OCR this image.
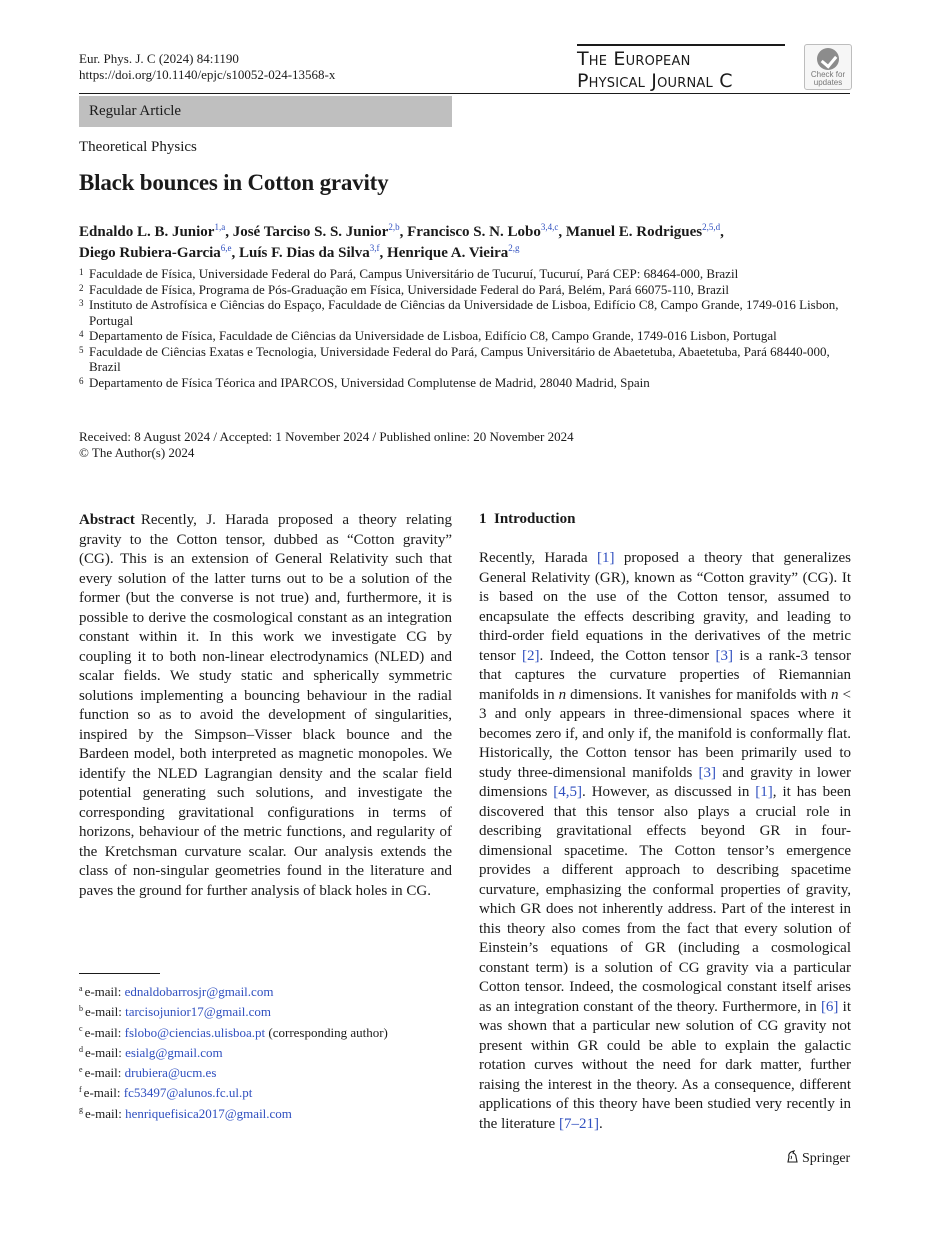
Eur. Phys. J. C (2024) 84:1190
https://doi.org/10.1140/epjc/s10052-024-13568-x
The European
Physical Journal C	Check for
updates
Regular Article
Theoretical Physics
Black bounces in Cotton gravity
Ednaldo L. B. Junior$^{1,a}$, José Tarciso S. S. Junior$^{2,b}$, Francisco S. N. Lobo$^{3,4,c}$, Manuel E. Rodrigues$^{2,5,d}$,
Diego Rubiera-Garcia$^{6,e}$, Luís F. Dias da Silva$^{3,f}$, Henrique A. Vieira$^{2,g}$
1 Faculdade de Física, Universidade Federal do Pará, Campus Universitário de Tucuruí, Tucuruí, Pará CEP: 68464-000, Brazil
2 Faculdade de Física, Programa de Pós-Graduação em Física, Universidade Federal do Pará, Belém, Pará 66075-110, Brazil
3 Instituto de Astrofísica e Ciências do Espaço, Faculdade de Ciências da Universidade de Lisboa, Edifício C8, Campo Grande, 1749-016 Lisbon, Portugal
4 Departamento de Física, Faculdade de Ciências da Universidade de Lisboa, Edifício C8, Campo Grande, 1749-016 Lisbon, Portugal
5 Faculdade de Ciências Exatas e Tecnologia, Universidade Federal do Pará, Campus Universitário de Abaetetuba, Abaetetuba, Pará 68440-000, Brazil
6 Departamento de Física Téorica and IPARCOS, Universidad Complutense de Madrid, 28040 Madrid, Spain
Received: 8 August 2024 / Accepted: 1 November 2024 / Published online: 20 November 2024
© The Author(s) 2024
Abstract Recently, J. Harada proposed a theory relating gravity to the Cotton tensor, dubbed as “Cotton gravity” (CG). This is an extension of General Relativity such that every solution of the latter turns out to be a solution of the former (but the converse is not true) and, furthermore, it is possible to derive the cosmological constant as an integration constant within it. In this work we investigate CG by coupling it to both non-linear electrodynamics (NLED) and scalar fields. We study static and spherically symmetric solutions implementing a bouncing behaviour in the radial function so as to avoid the development of singularities, inspired by the Simpson–Visser black bounce and the Bardeen model, both interpreted as magnetic monopoles. We identify the NLED Lagrangian density and the scalar field potential generating such solutions, and investigate the corresponding gravitational configurations in terms of horizons, behaviour of the metric functions, and regularity of the Kretchsman curvature scalar. Our analysis extends the class of non-singular geometries found in the literature and paves the ground for further analysis of black holes in CG.
1 Introduction
Recently, Harada [1] proposed a theory that generalizes General Relativity (GR), known as “Cotton gravity” (CG). It is based on the use of the Cotton tensor, assumed to encapsulate the effects describing gravity, and leading to third-order field equations in the derivatives of the metric tensor [2]. Indeed, the Cotton tensor [3] is a rank-3 tensor that captures the curvature properties of Riemannian manifolds in n dimensions. It vanishes for manifolds with n < 3 and only appears in three-dimensional spaces where it becomes zero if, and only if, the manifold is conformally flat. Historically, the Cotton tensor has been primarily used to study three-dimensional manifolds [3] and gravity in lower dimensions [4,5]. However, as discussed in [1], it has been discovered that this tensor also plays a crucial role in describing gravitational effects beyond GR in four-dimensional spacetime. The Cotton tensor’s emergence provides a different approach to describing spacetime curvature, emphasizing the conformal properties of gravity, which GR does not inherently address. Part of the interest in this theory also comes from the fact that every solution of Einstein’s equations of GR (including a cosmological constant term) is a solution of CG gravity via a particular Cotton tensor. Indeed, the cosmological constant itself arises as an integration constant of the theory. Furthermore, in [6] it was shown that a particular new solution of CG gravity not present within GR could be able to explain the galactic rotation curves without the need for dark matter, further raising the interest in the theory. As a consequence, different applications of this theory have been studied very recently in the literature [7–21].
$^a$ e-mail: ednaldobarrosjr@gmail.com
$^b$ e-mail: tarcisojunior17@gmail.com
$^c$ e-mail: fslobo@ciencias.ulisboa.pt (corresponding author)
$^d$ e-mail: esialg@gmail.com
$^e$ e-mail: drubiera@ucm.es
$^f$ e-mail: fc53497@alunos.fc.ul.pt
$^g$ e-mail: henriquefisica2017@gmail.com
Springer
